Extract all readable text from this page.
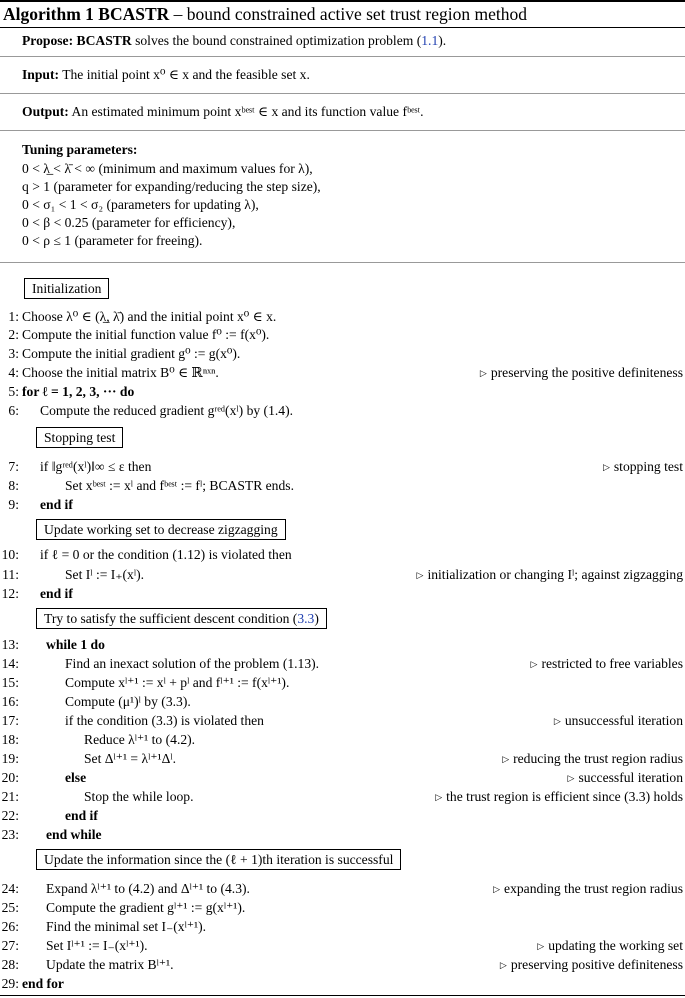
Algorithm 1 BCASTR – bound constrained active set trust region method
Propose: BCASTR solves the bound constrained optimization problem (1.1).
Input: The initial point x⁰ ∈ x and the feasible set x.
Output: An estimated minimum point xᵇᵉˢᵗ ∈ x and its function value fᵇᵉˢᵗ.
Tuning parameters:
0 < λ̲ < λ̄ < ∞ (minimum and maximum values for λ),
q > 1 (parameter for expanding/reducing the step size),
0 < σ₁ < 1 < σ₂ (parameters for updating λ),
0 < β < 0.25 (parameter for efficiency),
0 < ρ ≤ 1 (parameter for freeing).
Initialization
1: Choose λ⁰ ∈ (λ̲, λ̄) and the initial point x⁰ ∈ x.
2: Compute the initial function value f⁰ := f(x⁰).
3: Compute the initial gradient g⁰ := g(x⁰).
4: Choose the initial matrix B⁰ ∈ ℝⁿˣⁿ.	▷ preserving the positive definiteness
5: for ℓ = 1, 2, 3, ··· do
6: Compute the reduced gradient gʳᵉᵈ(xˡ) by (1.4).
Stopping test
7: if ‖gʳᵉᵈ(xˡ)‖∞ ≤ ε then	▷ stopping test
8:	Set xᵇᵉˢᵗ := xˡ and fᵇᵉˢᵗ := fˡ; BCASTR ends.
9: end if
Update working set to decrease zigzagging
10: if ℓ = 0 or the condition (1.12) is violated then
11:	Set Iˡ := I₊(xˡ).	▷ initialization or changing Iˡ; against zigzagging
12: end if
Try to satisfy the sufficient descent condition (3.3)
13: while 1 do
14:	Find an inexact solution of the problem (1.13).	▷ restricted to free variables
15:	Compute xˡ⁺¹ := xˡ + pˡ and fˡ⁺¹ := f(xˡ⁺¹).
16:	Compute (μ¹)ˡ by (3.3).
17:	if the condition (3.3) is violated then	▷ unsuccessful iteration
18:	Reduce λˡ⁺¹ to (4.2).
19:	Set Δˡ⁺¹ = λˡ⁺¹Δˡ.	▷ reducing the trust region radius
20:	else	▷ successful iteration
21:	Stop the while loop.	▷ the trust region is efficient since (3.3) holds
22:	end if
23: end while
Update the information since the (ℓ + 1)th iteration is successful
24: Expand λˡ⁺¹ to (4.2) and Δˡ⁺¹ to (4.3).	▷ expanding the trust region radius
25: Compute the gradient gˡ⁺¹ := g(xˡ⁺¹).
26: Find the minimal set I₋(xˡ⁺¹).
27: Set Iˡ⁺¹ := I₋(xˡ⁺¹).	▷ updating the working set
28: Update the matrix Bˡ⁺¹.	▷ preserving positive definiteness
29: end for
